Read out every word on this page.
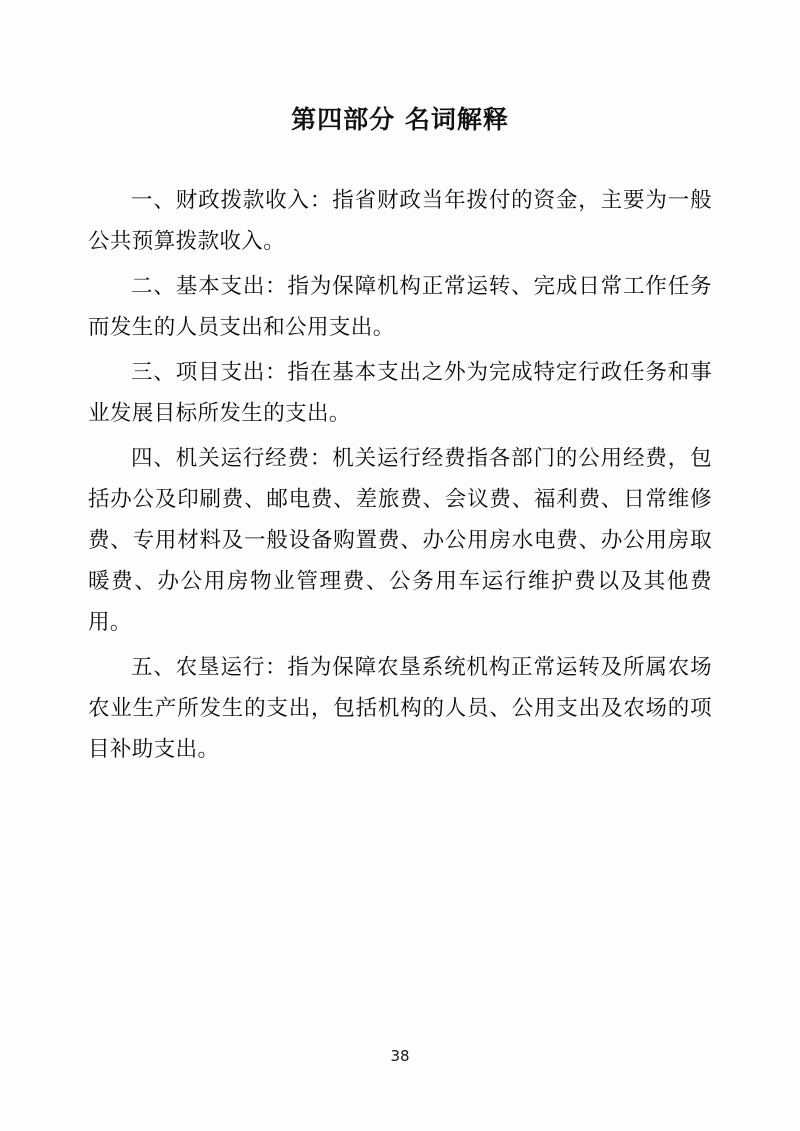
第四部分 名词解释

一、财政拨款收入：指省财政当年拨付的资金，主要为一般公共预算拨款收入。

二、基本支出：指为保障机构正常运转、完成日常工作任务而发生的人员支出和公用支出。

三、项目支出：指在基本支出之外为完成特定行政任务和事业发展目标所发生的支出。

四、机关运行经费：机关运行经费指各部门的公用经费，包括办公及印刷费、邮电费、差旅费、会议费、福利费、日常维修费、专用材料及一般设备购置费、办公用房水电费、办公用房取暖费、办公用房物业管理费、公务用车运行维护费以及其他费用。

五、农垦运行：指为保障农垦系统机构正常运转及所属农场农业生产所发生的支出，包括机构的人员、公用支出及农场的项目补助支出。

38
